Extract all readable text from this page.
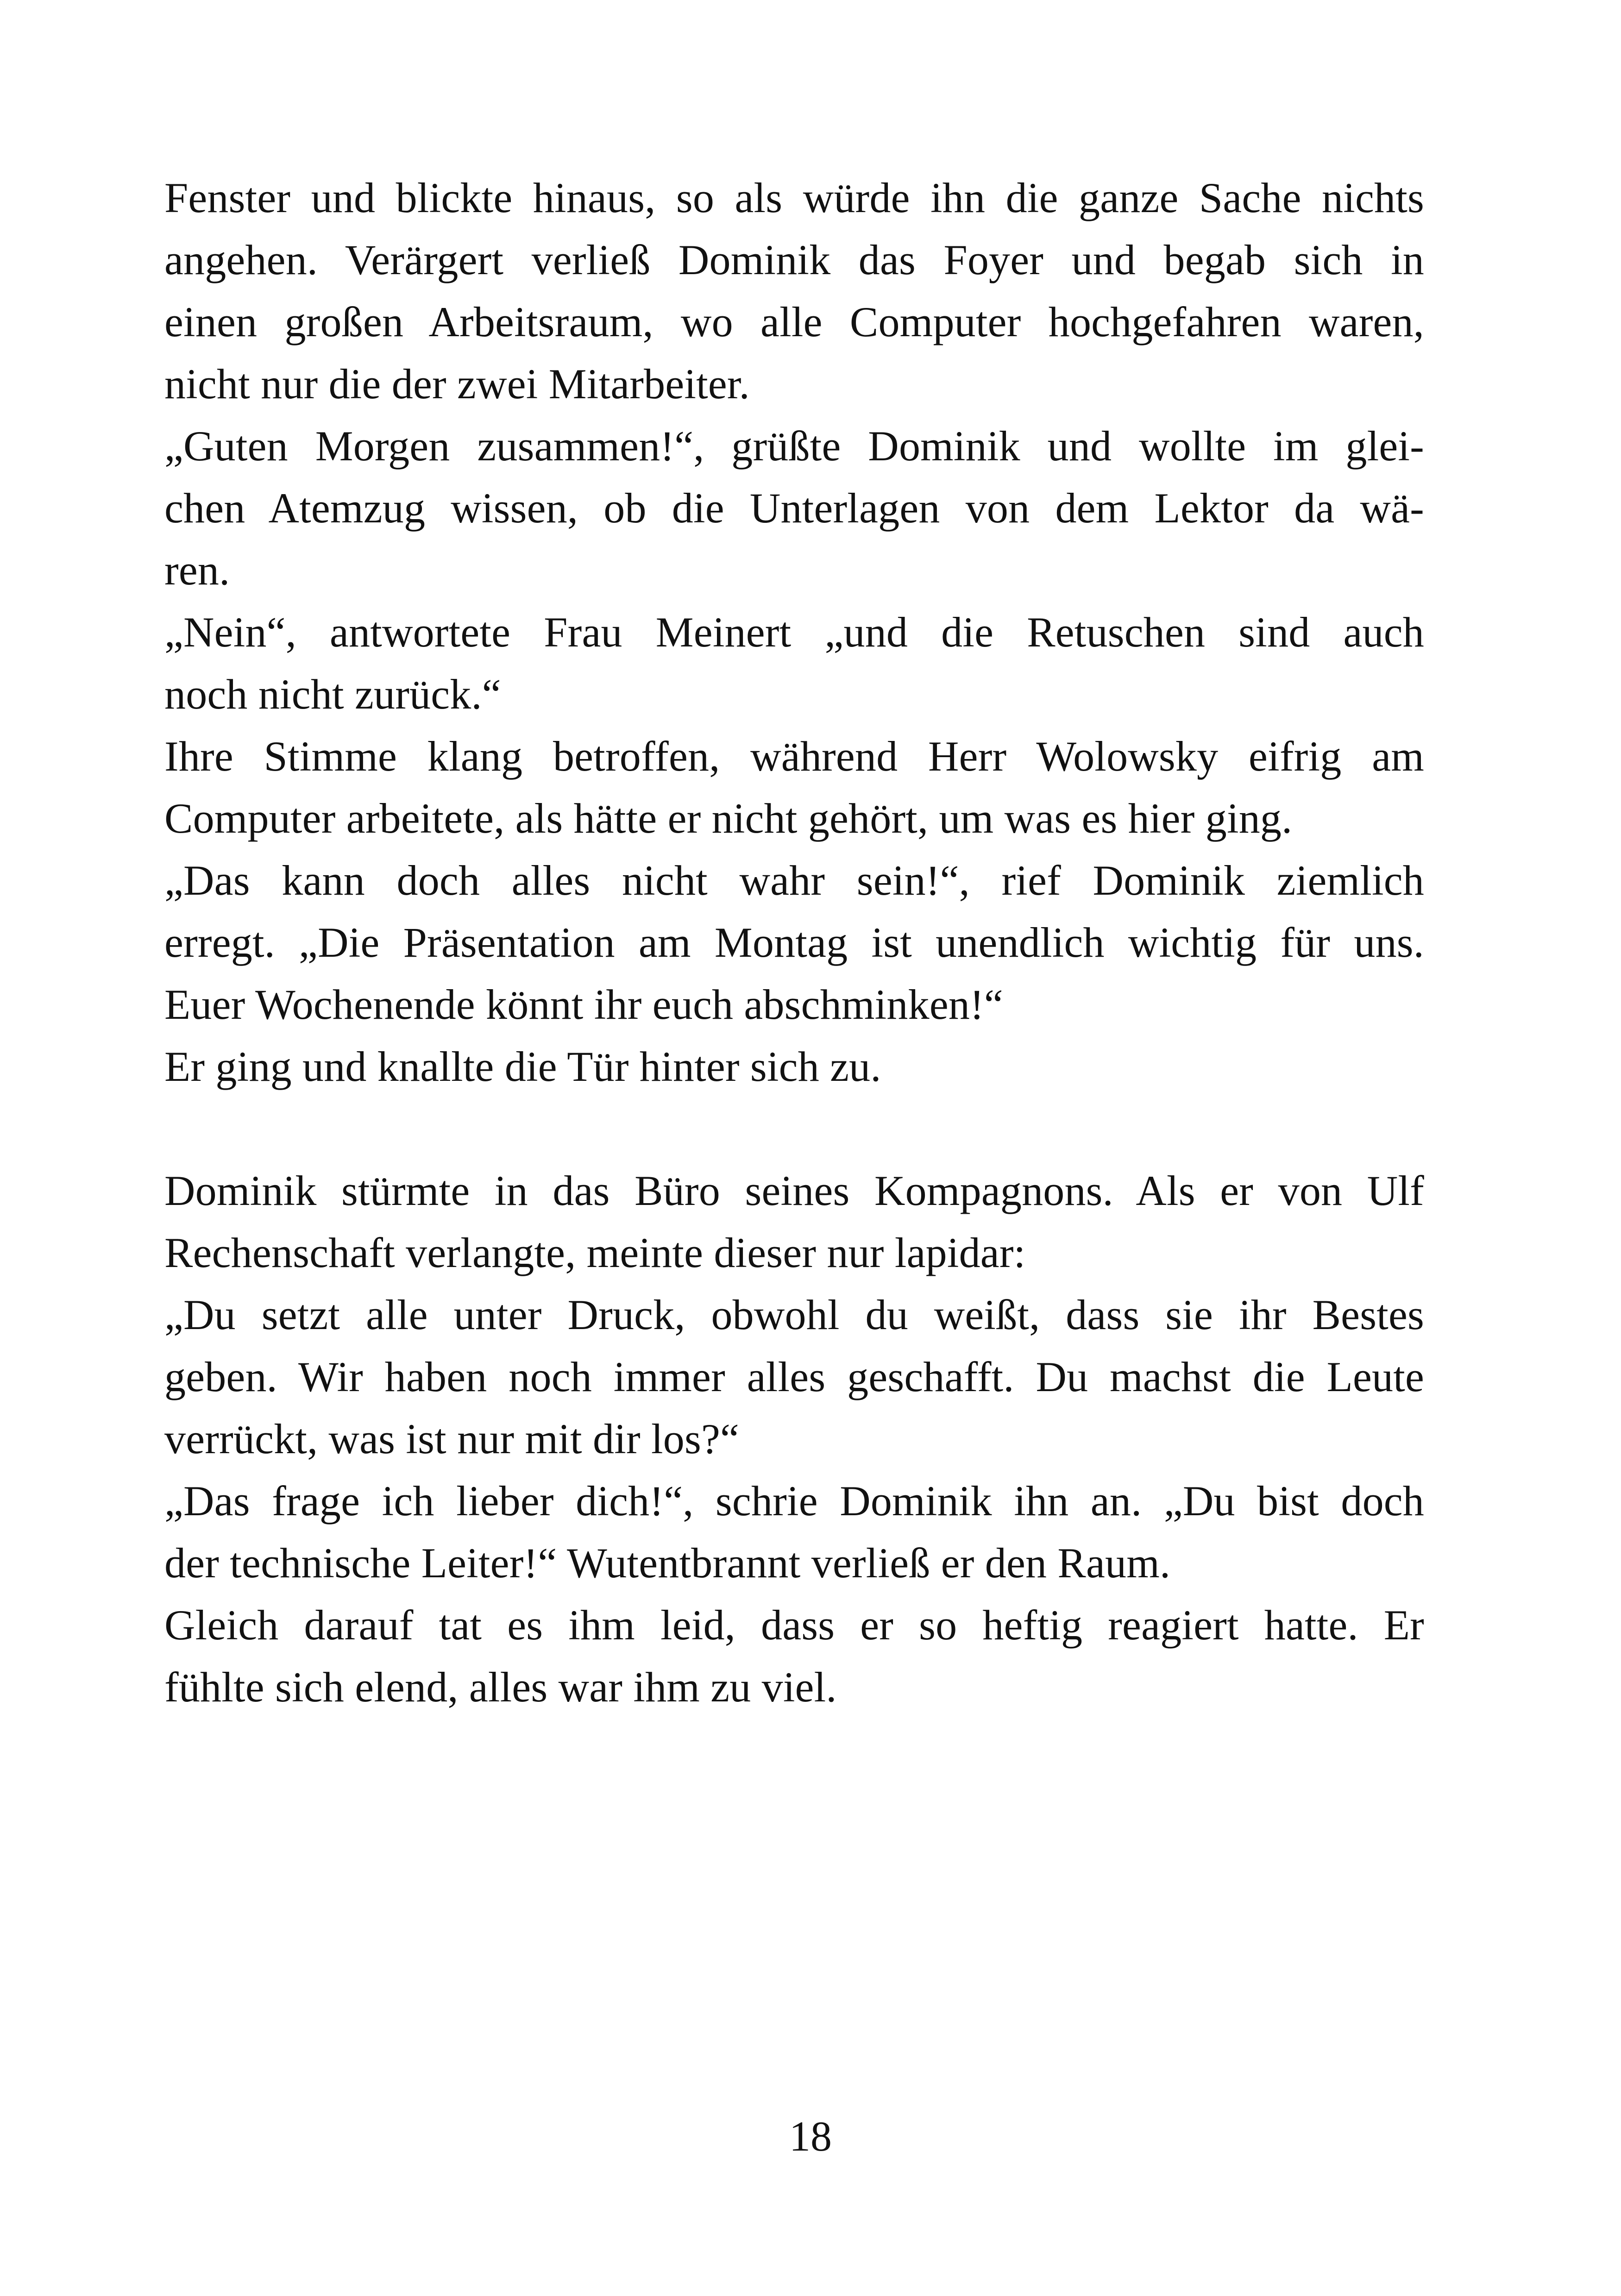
Fenster und blickte hinaus, so als würde ihn die ganze Sache nichts
angehen. Verärgert verließ Dominik das Foyer und begab sich in
einen großen Arbeitsraum, wo alle Computer hochgefahren waren,
nicht nur die der zwei Mitarbeiter.
„Guten Morgen zusammen!“, grüßte Dominik und wollte im glei-
chen Atemzug wissen, ob die Unterlagen von dem Lektor da wä-
ren.
„Nein“, antwortete Frau Meinert „und die Retuschen sind auch
noch nicht zurück.“
Ihre Stimme klang betroffen, während Herr Wolowsky eifrig am
Computer arbeitete, als hätte er nicht gehört, um was es hier ging.
„Das kann doch alles nicht wahr sein!“, rief Dominik ziemlich
erregt. „Die Präsentation am Montag ist unendlich wichtig für uns.
Euer Wochenende könnt ihr euch abschminken!“
Er ging und knallte die Tür hinter sich zu.
Dominik stürmte in das Büro seines Kompagnons. Als er von Ulf
Rechenschaft verlangte, meinte dieser nur lapidar:
„Du setzt alle unter Druck, obwohl du weißt, dass sie ihr Bestes
geben. Wir haben noch immer alles geschafft. Du machst die Leute
verrückt, was ist nur mit dir los?“
„Das frage ich lieber dich!“, schrie Dominik ihn an. „Du bist doch
der technische Leiter!“ Wutentbrannt verließ er den Raum.
Gleich darauf tat es ihm leid, dass er so heftig reagiert hatte. Er
fühlte sich elend, alles war ihm zu viel.
18
